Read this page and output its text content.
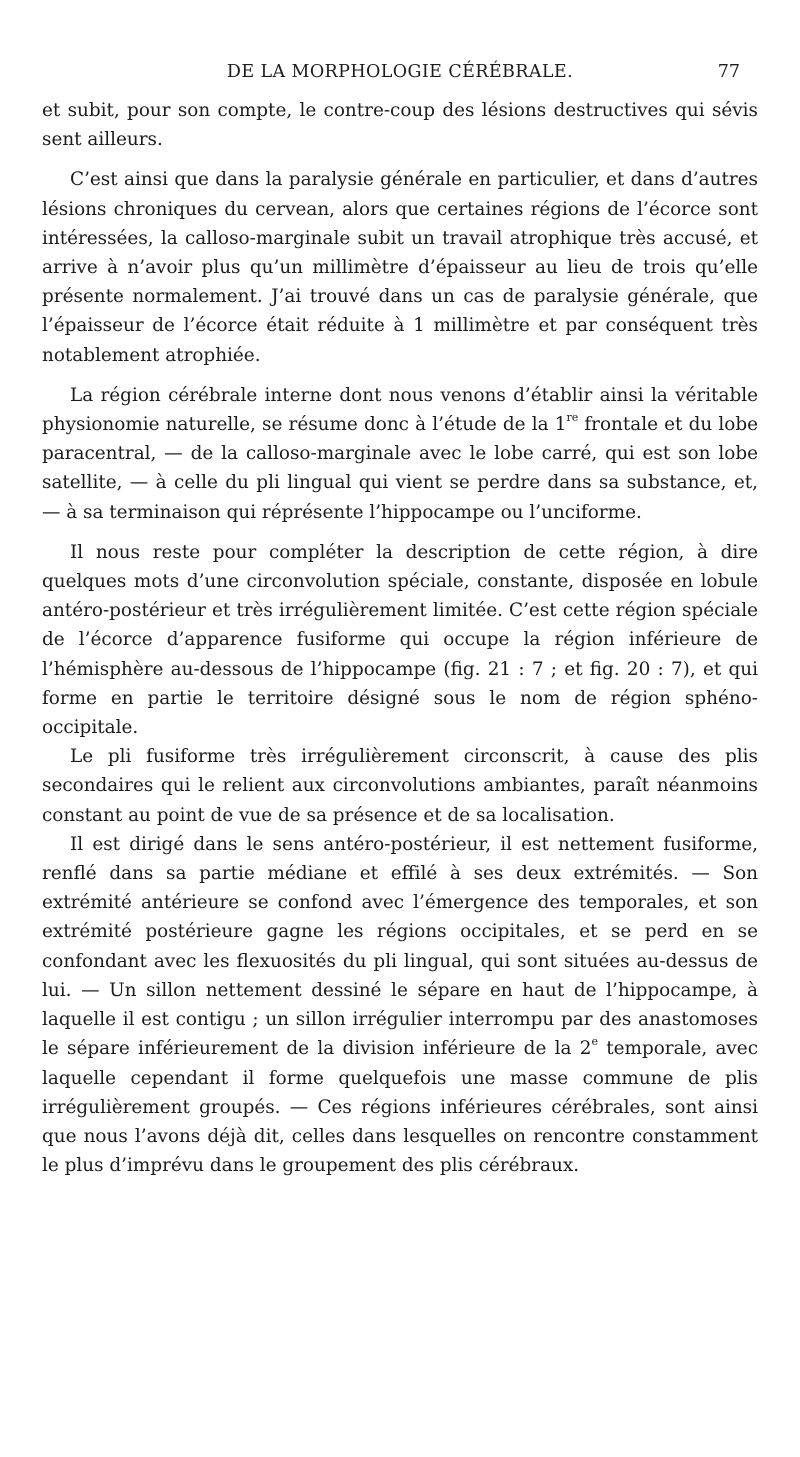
DE LA MORPHOLOGIE CÉRÉBRALE.	77

et subit, pour son compte, le contre-coup des lésions destructives qui sévis sent ailleurs.

C’est ainsi que dans la paralysie générale en particulier, et dans d’autres lésions chroniques du cervean, alors que certaines régions de l’écorce sont intéressées, la calloso-marginale subit un travail atrophique très accusé, et arrive à n’avoir plus qu’un millimètre d’épaisseur au lieu de trois qu’elle présente normalement. J’ai trouvé dans un cas de paralysie générale, que l’épaisseur de l’écorce était réduite à 1 millimètre et par conséquent très notablement atrophiée.

La région cérébrale interne dont nous venons d’établir ainsi la véritable physionomie naturelle, se résume donc à l’étude de la 1re frontale et du lobe paracentral, — de la calloso-marginale avec le lobe carré, qui est son lobe satellite, — à celle du pli lingual qui vient se perdre dans sa substance, et, — à sa terminaison qui réprésente l’hippocampe ou l’unciforme.

Il nous reste pour compléter la description de cette région, à dire quelques mots d’une circonvolution spéciale, constante, disposée en lobule antéro-postérieur et très irrégulièrement limitée. C’est cette région spéciale de l’écorce d’apparence fusiforme qui occupe la région inférieure de l’hémisphère au-dessous de l’hippocampe (fig. 21 : 7 ; et fig. 20 : 7), et qui forme en partie le territoire désigné sous le nom de région sphéno-occipitale.

Le pli fusiforme très irrégulièrement circonscrit, à cause des plis secondaires qui le relient aux circonvolutions ambiantes, paraît néanmoins constant au point de vue de sa présence et de sa localisation.

Il est dirigé dans le sens antéro-postérieur, il est nettement fusiforme, renflé dans sa partie médiane et effilé à ses deux extrémités. — Son extrémité antérieure se confond avec l’émergence des temporales, et son extrémité postérieure gagne les régions occipitales, et se perd en se confondant avec les flexuosités du pli lingual, qui sont situées au-dessus de lui. — Un sillon nettement dessiné le sépare en haut de l’hippocampe, à laquelle il est contigu ; un sillon irrégulier interrompu par des anastomoses le sépare inférieurement de la division inférieure de la 2e temporale, avec laquelle cependant il forme quelquefois une masse commune de plis irrégulièrement groupés. — Ces régions inférieures cérébrales, sont ainsi que nous l’avons déjà dit, celles dans lesquelles on rencontre constamment le plus d’imprévu dans le groupement des plis cérébraux.
